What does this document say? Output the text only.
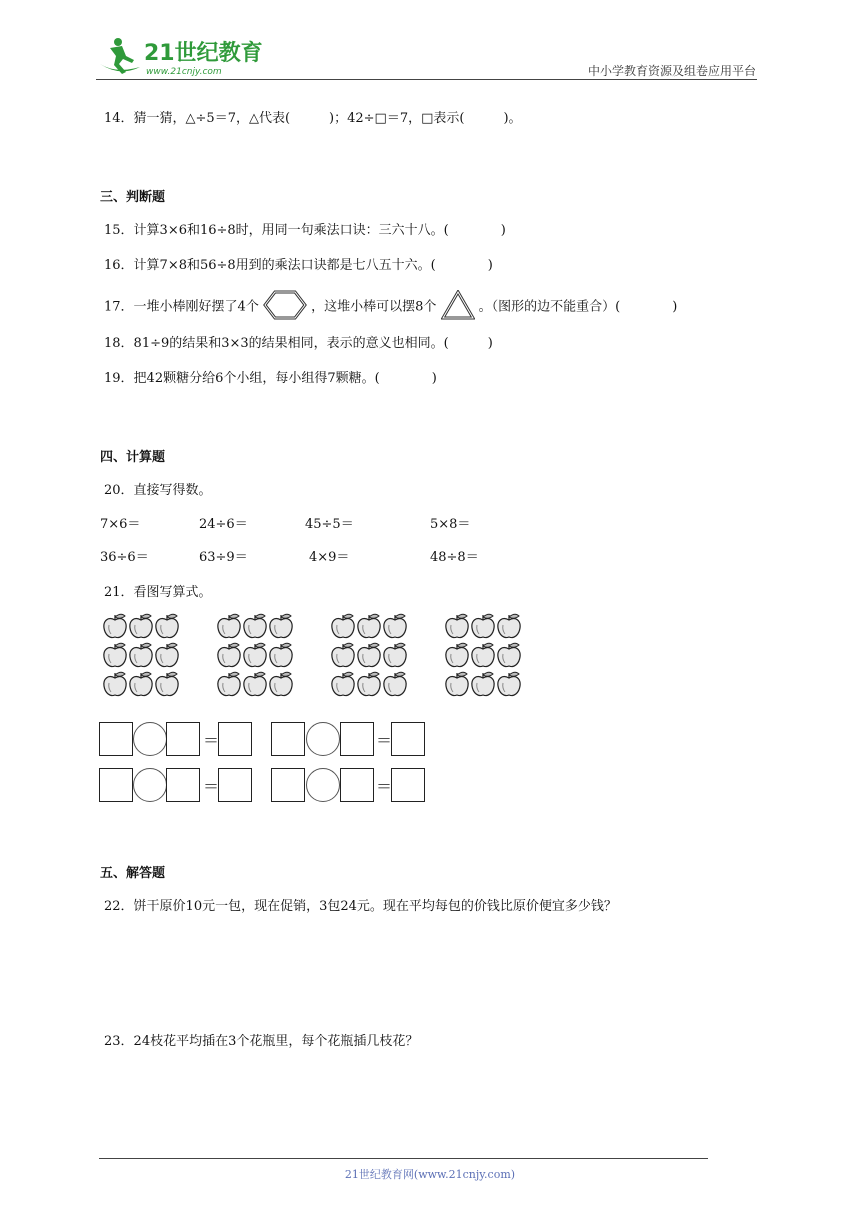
21世纪教育
www.21cnjy.com	中小学教育资源及组卷应用平台
14．猜一猜，△÷5＝7，△代表(　　　)；42÷□＝7，□表示(　　　)。
三、判断题
15．计算3×6和16÷8时，用同一句乘法口诀：三六十八。(　　　　)
16．计算7×8和56÷8用到的乘法口诀都是七八五十六。(　　　　)
17．一堆小棒刚好摆了4个	，这堆小棒可以摆8个	。（图形的边不能重合）(　　　　)
18．81÷9的结果和3×3的结果相同，表示的意义也相同。(　　　)
19．把42颗糖分给6个小组，每小组得7颗糖。(　　　　)
四、计算题
20．直接写得数。
7×6＝	24÷6＝	45÷5＝	5×8＝
36÷6＝	63÷9＝	4×9＝	48÷8＝
21．看图写算式。
＝	＝
＝	＝
五、解答题
22．饼干原价10元一包，现在促销，3包24元。现在平均每包的价钱比原价便宜多少钱？
23．24枝花平均插在3个花瓶里，每个花瓶插几枝花？
21世纪教育网(www.21cnjy.com)
